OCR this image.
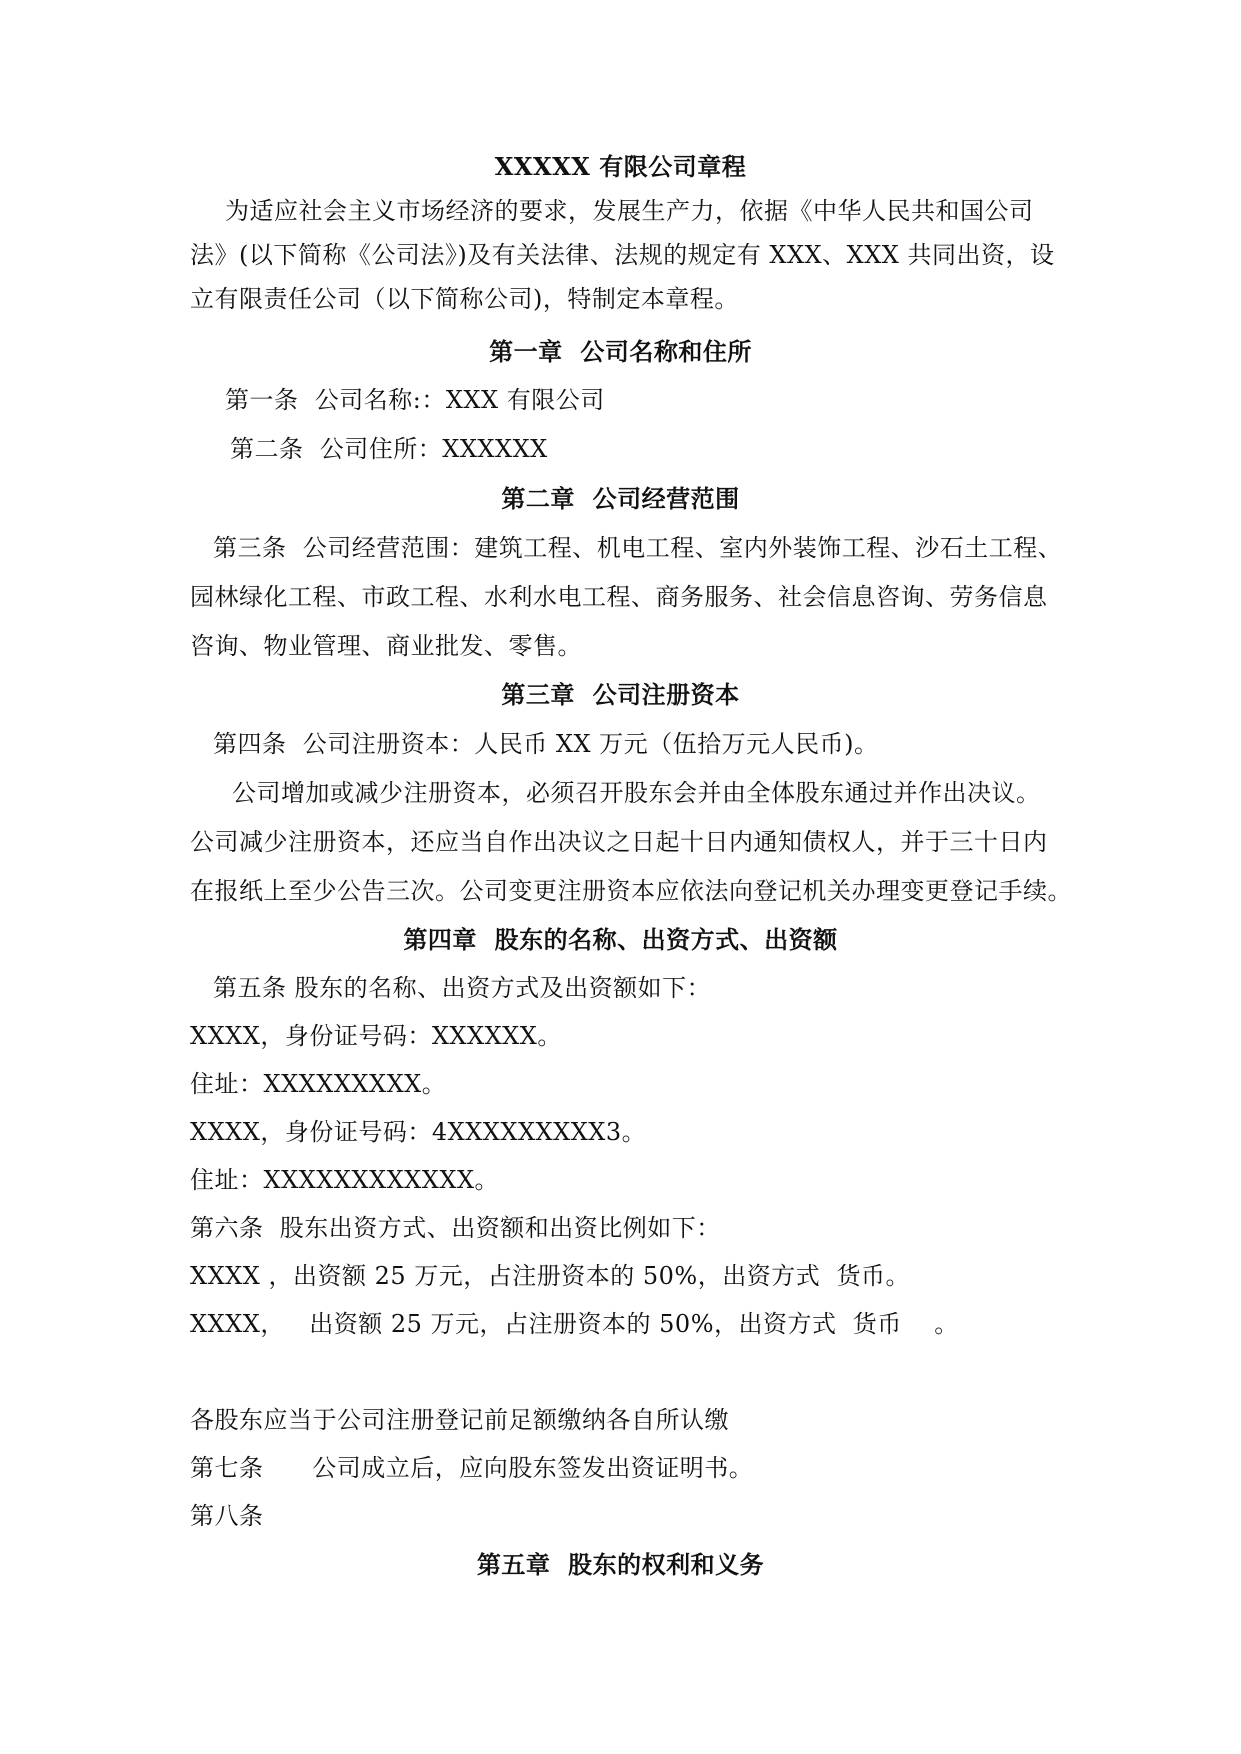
XXXXX 有限公司章程
为适应社会主义市场经济的要求，发展生产力，依据《中华人民共和国公司
法》(以下简称《公司法》)及有关法律、法规的规定有 XXX、XXX 共同出资，设
立有限责任公司（以下简称公司)，特制定本章程。
第一章  公司名称和住所
第一条  公司名称:：XXX 有限公司
第二条  公司住所：XXXXXX
第二章  公司经营范围
第三条  公司经营范围：建筑工程、机电工程、室内外装饰工程、沙石土工程、
园林绿化工程、市政工程、水利水电工程、商务服务、社会信息咨询、劳务信息
咨询、物业管理、商业批发、零售。
第三章  公司注册资本
第四条  公司注册资本：人民币 XX 万元（伍拾万元人民币)。
公司增加或减少注册资本，必须召开股东会并由全体股东通过并作出决议。
公司减少注册资本，还应当自作出决议之日起十日内通知债权人，并于三十日内
在报纸上至少公告三次。公司变更注册资本应依法向登记机关办理变更登记手续。
第四章  股东的名称、出资方式、出资额
第五条 股东的名称、出资方式及出资额如下：
XXXX，身份证号码：XXXXXX。
住址：XXXXXXXXX。
XXXX，身份证号码：4XXXXXXXXX3。
住址：XXXXXXXXXXXX。
第六条  股东出资方式、出资额和出资比例如下：
XXXX ，出资额 25 万元，占注册资本的 50%，出资方式  货币。
XXXX，   出资额 25 万元，占注册资本的 50%，出资方式  货币    。
各股东应当于公司注册登记前足额缴纳各自所认缴
第七条      公司成立后，应向股东签发出资证明书。
第八条
第五章  股东的权利和义务
